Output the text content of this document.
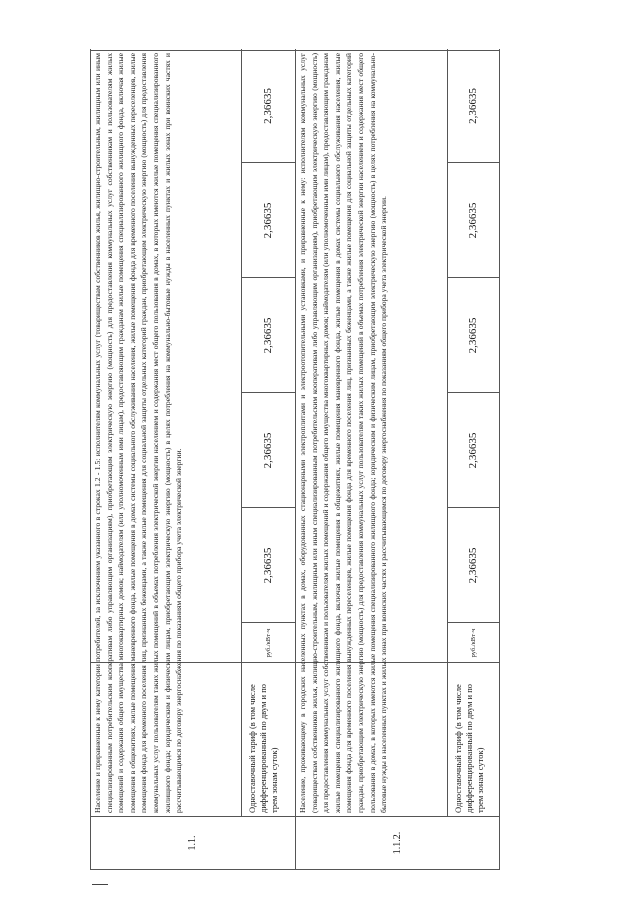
1.1.
Население и приравненные к нему категории потребителей, за исключением указанного в строках 1.2 - 1.5: исполнителям коммунальных услуг (товариществам собственников жилья, жилищно-строительным, жилищным или иным специализированным потребительским кооперативам либо управляющим организациям), приобретающим электрическую энергию (мощность) для предоставления коммунальных услуг собственникам и пользователям жилых помещений и содержания общего имущества многоквартирных домов; наймодателям (или уполномоченным ими лицам), предоставляющим гражданам жилые помещения специализированного жилищного фонда, включая жилые помещения в общежитиях, жилые помещения маневренного фонда, жилые помещения в домах системы социального обслуживания населения, жилые помещения фонда для временного поселения вынужденных переселенцев, жилые помещения фонда для временного поселения лиц, признанных беженцами, а также жилые помещения для социальной защиты отдельных категорий граждан, приобретающим электрическую энергию (мощность) для предоставления коммунальных услуг пользователям таких жилых помещений в объемах потребления электрической энергии населением и содержания мест общего пользования в домах, в которых имеются жилые помещения специализированного жилищного фонда; юридическим и физическим лицам, приобретающим электрическую энергию (мощность) в целях потребления на коммунально-бытовые нужды в населенных пунктах и жилых зонах при воинских частях и рассчитывающимся по договору энергоснабжения по показаниям общего прибора учета электрической энергии.	Одноставочный тариф (в том числе дифференцированный по двум и по трем зонам суток)
руб./кВт·ч
2,36635
2,36635
2,36635
2,36635
2,36635
1.1.2.
Население, проживающему в городских населенных пунктах в домах, оборудованных стационарными электроплитами и электроотопительными установками, и приравненные к нему: исполнителям коммунальных услуг (товариществам собственников жилья, жилищно-строительным, жилищным или иным специализированным потребительским кооперативам либо управляющим организациям), приобретающим электрическую энергию (мощность) для предоставления коммунальных услуг собственникам и пользователям жилых помещений и содержания общего имущества многоквартирных домов; наймодателям (или уполномоченным ими лицам), предоставляющим гражданам жилые помещения специализированного жилищного фонда, включая жилые помещения в общежитиях, жилые помещения маневренного фонда, жилые помещения в домах системы социального обслуживания населения, жилые помещения фонда для временного поселения вынужденных переселенцев, жилые помещения фонда для временного поселения лиц, признанных беженцами, а также жилые помещения для социальной защиты отдельных категорий граждан, приобретающим электрическую энергию (мощность) для предоставления коммунальных услуг пользователям таких жилых помещений в объемах потребления электрической энергии населением и содержания мест общего пользования в домах, в которых имеются жилые помещения специализированного жилищного фонда; юридическим и физическим лицам, приобретающим электрическую энергию (мощность) в целях потребления на коммунально-бытовые нужды в населенных пунктах и жилых зонах при воинских частях и рассчитывающимся по договору энергоснабжения по показаниям общего прибора учета электрической энергии.	Одноставочный тариф (в том числе дифференцированный по двум и по трем зонам суток)
руб./кВт·ч
2,36635
2,36635
2,36635
2,36635
2,36635
